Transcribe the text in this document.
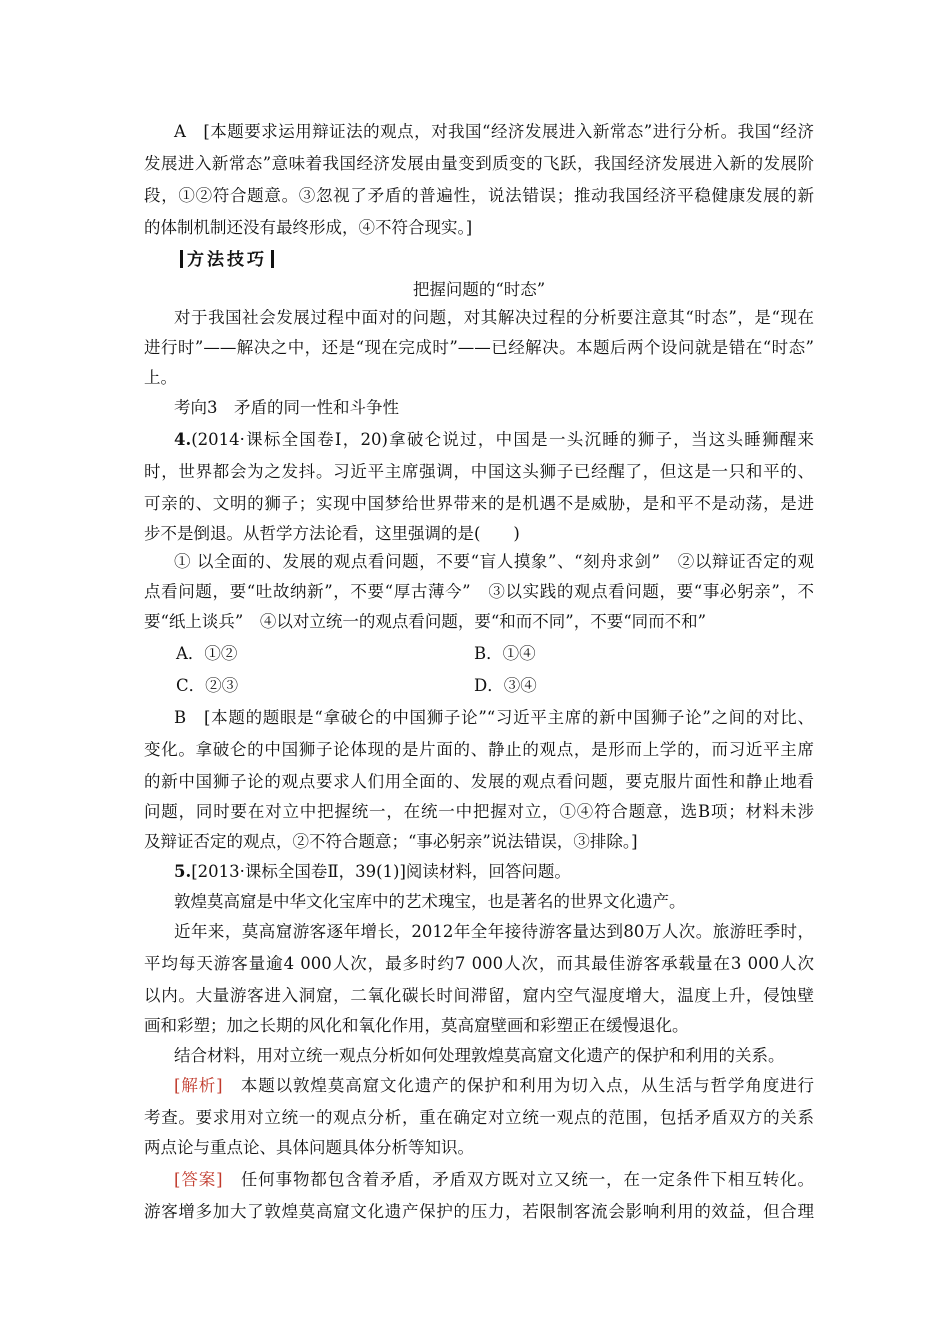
A　[本题要求运用辩证法的观点，对我国“经济发展进入新常态”进行分析。我国“经济
发展进入新常态”意味着我国经济发展由量变到质变的飞跃，我国经济发展进入新的发展阶
段，①②符合题意。③忽视了矛盾的普遍性，说法错误；推动我国经济平稳健康发展的新
的体制机制还没有最终形成，④不符合现实。]
方法技巧
把握问题的“时态”
对于我国社会发展过程中面对的问题，对其解决过程的分析要注意其“时态”，是“现在
进行时”——解决之中，还是“现在完成时”——已经解决。本题后两个设问就是错在“时态”
上。
考向3　矛盾的同一性和斗争性
4.(2014·课标全国卷Ⅰ，20)拿破仑说过，中国是一头沉睡的狮子，当这头睡狮醒来
时，世界都会为之发抖。习近平主席强调，中国这头狮子已经醒了，但这是一只和平的、
可亲的、文明的狮子；实现中国梦给世界带来的是机遇不是威胁，是和平不是动荡，是进
步不是倒退。从哲学方法论看，这里强调的是(　　)
① 以全面的、发展的观点看问题，不要“盲人摸象”、“刻舟求剑”　②以辩证否定的观
点看问题，要“吐故纳新”，不要“厚古薄今”　③以实践的观点看问题，要“事必躬亲”，不
要“纸上谈兵”　④以对立统一的观点看问题，要“和而不同”，不要“同而不和”
A．①②	B．①④
C．②③	D．③④
B　[本题的题眼是“拿破仑的中国狮子论”“习近平主席的新中国狮子论”之间的对比、
变化。拿破仑的中国狮子论体现的是片面的、静止的观点，是形而上学的，而习近平主席
的新中国狮子论的观点要求人们用全面的、发展的观点看问题，要克服片面性和静止地看
问题，同时要在对立中把握统一，在统一中把握对立，①④符合题意，选B项；材料未涉
及辩证否定的观点，②不符合题意；“事必躬亲”说法错误，③排除。]
5.[2013·课标全国卷Ⅱ，39(1)]阅读材料，回答问题。
敦煌莫高窟是中华文化宝库中的艺术瑰宝，也是著名的世界文化遗产。
近年来，莫高窟游客逐年增长，2012年全年接待游客量达到80万人次。旅游旺季时，
平均每天游客量逾4 000人次，最多时约7 000人次，而其最佳游客承载量在3 000人次
以内。大量游客进入洞窟，二氧化碳长时间滞留，窟内空气湿度增大，温度上升，侵蚀壁
画和彩塑；加之长期的风化和氧化作用，莫高窟壁画和彩塑正在缓慢退化。
结合材料，用对立统一观点分析如何处理敦煌莫高窟文化遗产的保护和利用的关系。
[解析]　本题以敦煌莫高窟文化遗产的保护和利用为切入点，从生活与哲学角度进行
考查。要求用对立统一的观点分析，重在确定对立统一观点的范围，包括矛盾双方的关系
两点论与重点论、具体问题具体分析等知识。
[答案]　任何事物都包含着矛盾，矛盾双方既对立又统一，在一定条件下相互转化。
游客增多加大了敦煌莫高窟文化遗产保护的压力，若限制客流会影响利用的效益，但合理
